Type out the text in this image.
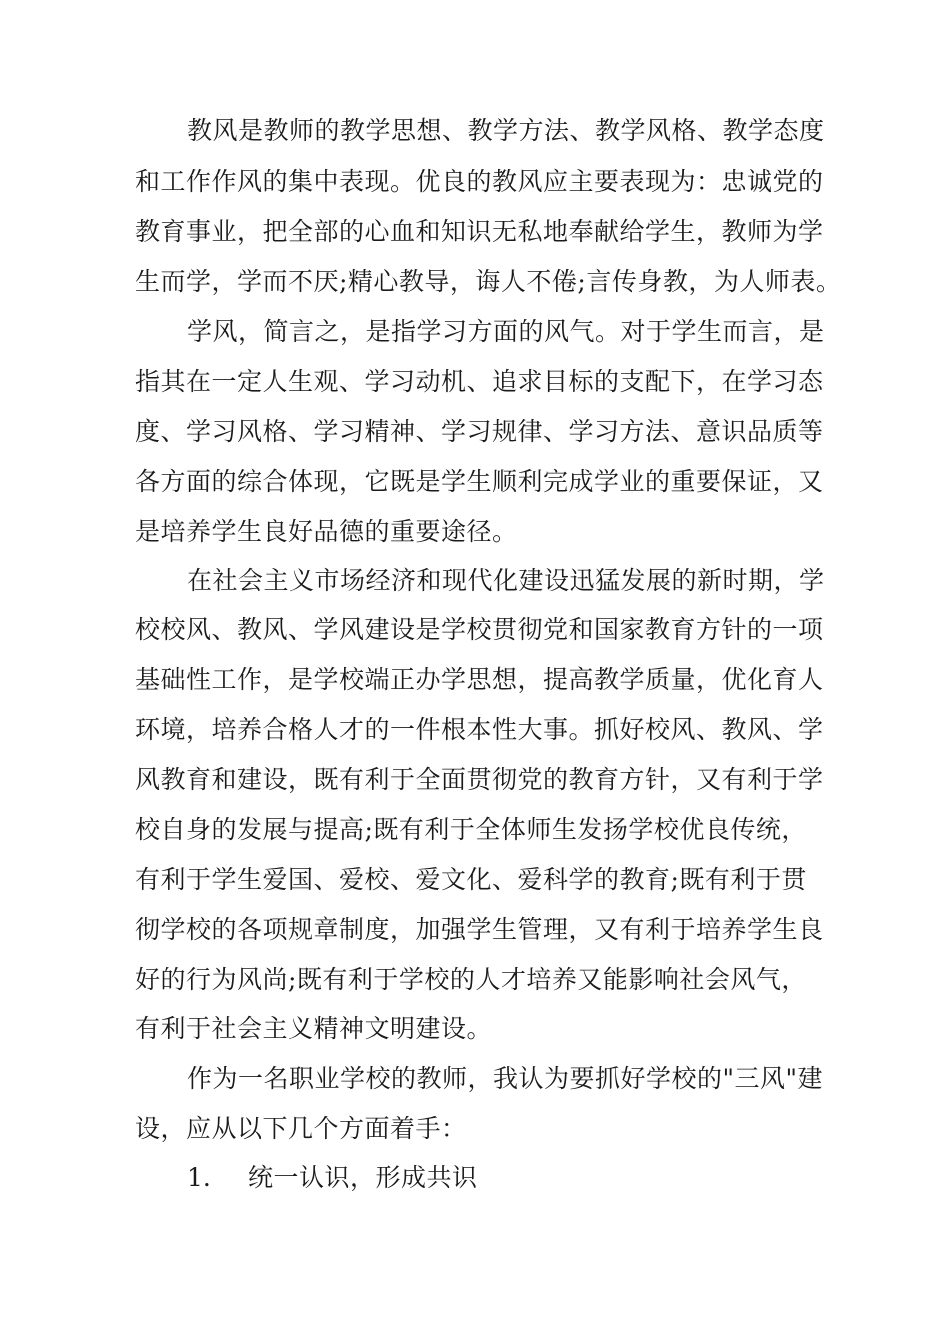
教风是教师的教学思想、教学方法、教学风格、教学态度
和工作作风的集中表现。优良的教风应主要表现为：忠诚党的
教育事业，把全部的心血和知识无私地奉献给学生，教师为学
生而学，学而不厌;精心教导，诲人不倦;言传身教，为人师表。
学风，简言之，是指学习方面的风气。对于学生而言，是
指其在一定人生观、学习动机、追求目标的支配下，在学习态
度、学习风格、学习精神、学习规律、学习方法、意识品质等
各方面的综合体现，它既是学生顺利完成学业的重要保证，又
是培养学生良好品德的重要途径。
在社会主义市场经济和现代化建设迅猛发展的新时期，学
校校风、教风、学风建设是学校贯彻党和国家教育方针的一项
基础性工作，是学校端正办学思想，提高教学质量，优化育人
环境，培养合格人才的一件根本性大事。抓好校风、教风、学
风教育和建设，既有利于全面贯彻党的教育方针，又有利于学
校自身的发展与提高;既有利于全体师生发扬学校优良传统，
有利于学生爱国、爱校、爱文化、爱科学的教育;既有利于贯
彻学校的各项规章制度，加强学生管理，又有利于培养学生良
好的行为风尚;既有利于学校的人才培养又能影响社会风气，
有利于社会主义精神文明建设。
作为一名职业学校的教师，我认为要抓好学校的"三风"建
设，应从以下几个方面着手：
1. 统一认识，形成共识
